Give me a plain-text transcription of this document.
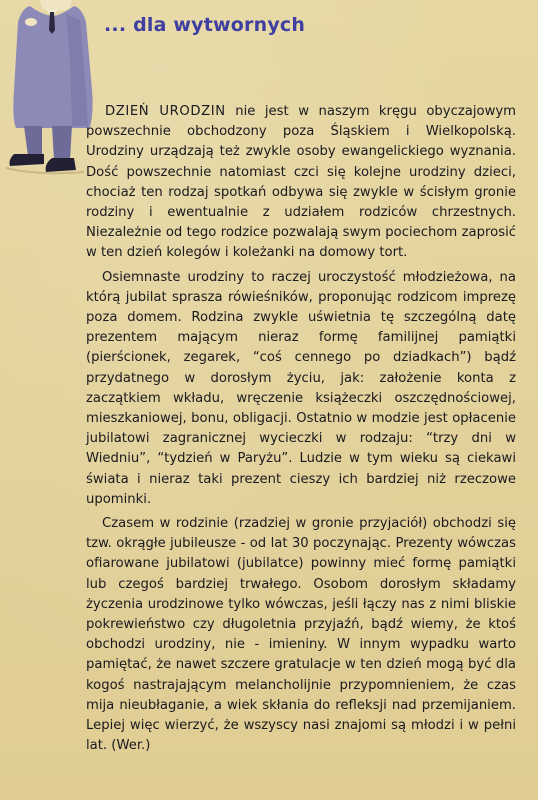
... dla wytwornych

DZIEŃ URODZIN nie jest w naszym kręgu obyczajowym powszechnie obchodzony poza Śląskiem i Wielkopolską. Urodziny urządzają też zwykle osoby ewangelickiego wyznania. Dość powszechnie natomiast czci się kolejne urodziny dzieci, chociaż ten rodzaj spotkań odbywa się zwykle w ścisłym gronie rodziny i ewentualnie z udziałem rodziców chrzestnych. Niezależnie od tego rodzice pozwalają swym pociechom zaprosić w ten dzień kolegów i koleżanki na domowy tort.

Osiemnaste urodziny to raczej uroczystość młodzieżowa, na którą jubilat sprasza rówieśników, proponując rodzicom imprezę poza domem. Rodzina zwykle uświetnia tę szczególną datę prezentem mającym nieraz formę familijnej pamiątki (pierścionek, zegarek, “coś cennego po dziadkach”) bądź przydatnego w dorosłym życiu, jak: założenie konta z zaczątkiem wkładu, wręczenie książeczki oszczędnościowej, mieszkaniowej, bonu, obligacji. Ostatnio w modzie jest opłacenie jubilatowi zagranicznej wycieczki w rodzaju: “trzy dni w Wiedniu”, “tydzień w Paryżu”. Ludzie w tym wieku są ciekawi świata i nieraz taki prezent cieszy ich bardziej niż rzeczowe upominki.

Czasem w rodzinie (rzadziej w gronie przyjaciół) obchodzi się tzw. okrągłe jubileusze - od lat 30 poczynając. Prezenty wówczas ofiarowane jubilatowi (jubilatce) powinny mieć formę pamiątki lub czegoś bardziej trwałego. Osobom dorosłym składamy życzenia urodzinowe tylko wówczas, jeśli łączy nas z nimi bliskie pokrewieństwo czy długoletnia przyjaźń, bądź wiemy, że ktoś obchodzi urodziny, nie - imieniny. W innym wypadku warto pamiętać, że nawet szczere gratulacje w ten dzień mogą być dla kogoś nastrajającym melancholijnie przypomnieniem, że czas mija nieubłaganie, a wiek skłania do refleksji nad przemijaniem. Lepiej więc wierzyć, że wszyscy nasi znajomi są młodzi i w pełni lat. (Wer.)
